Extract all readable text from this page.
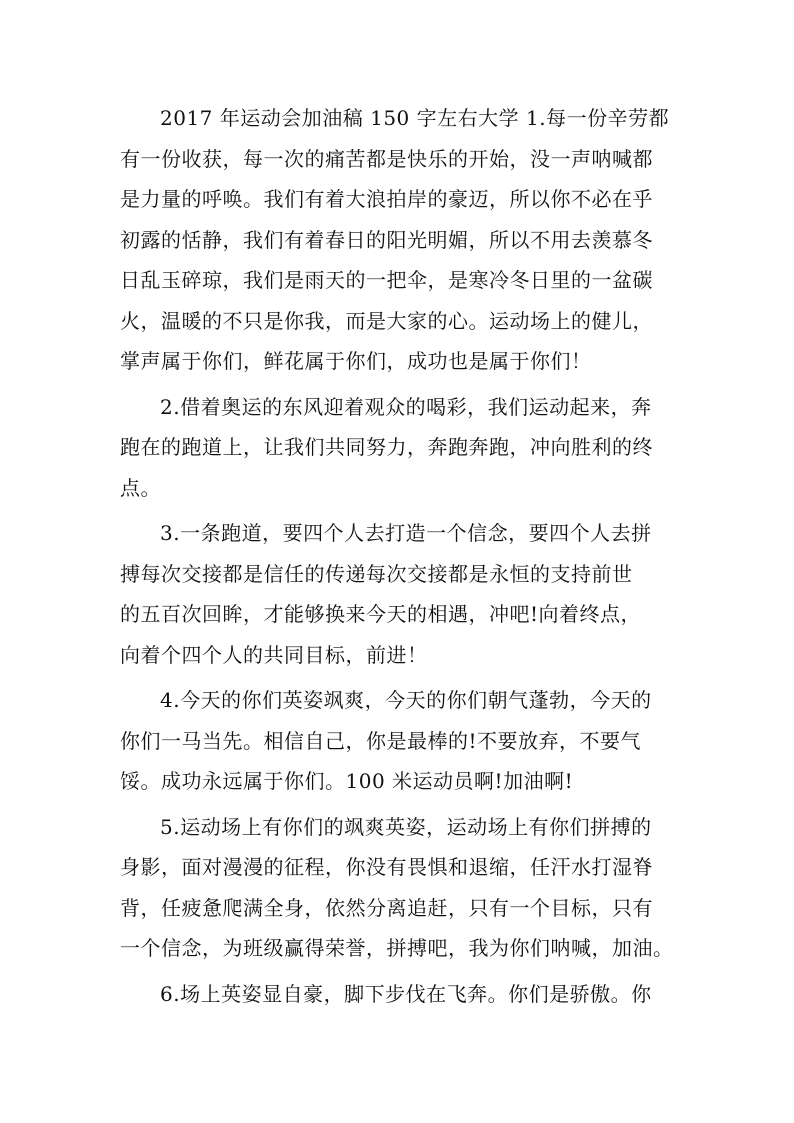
2017 年运动会加油稿 150 字左右大学 1.每一份辛劳都
有一份收获，每一次的痛苦都是快乐的开始，没一声呐喊都
是力量的呼唤。我们有着大浪拍岸的豪迈，所以你不必在乎
初露的恬静，我们有着春日的阳光明媚，所以不用去羡慕冬
日乱玉碎琼，我们是雨天的一把伞，是寒冷冬日里的一盆碳
火，温暖的不只是你我，而是大家的心。运动场上的健儿，
掌声属于你们，鲜花属于你们，成功也是属于你们！

2.借着奥运的东风迎着观众的喝彩，我们运动起来，奔
跑在的跑道上，让我们共同努力，奔跑奔跑，冲向胜利的终
点。

3.一条跑道，要四个人去打造一个信念，要四个人去拼
搏每次交接都是信任的传递每次交接都是永恒的支持前世
的五百次回眸，才能够换来今天的相遇，冲吧!向着终点，
向着个四个人的共同目标，前进！

4.今天的你们英姿飒爽，今天的你们朝气蓬勃，今天的
你们一马当先。相信自己，你是最棒的!不要放弃，不要气
馁。成功永远属于你们。100 米运动员啊!加油啊!

5.运动场上有你们的飒爽英姿，运动场上有你们拼搏的
身影，面对漫漫的征程，你没有畏惧和退缩，任汗水打湿脊
背，任疲惫爬满全身，依然分离追赶，只有一个目标，只有
一个信念，为班级赢得荣誉，拼搏吧，我为你们呐喊，加油。

6.场上英姿显自豪，脚下步伐在飞奔。你们是骄傲。你
